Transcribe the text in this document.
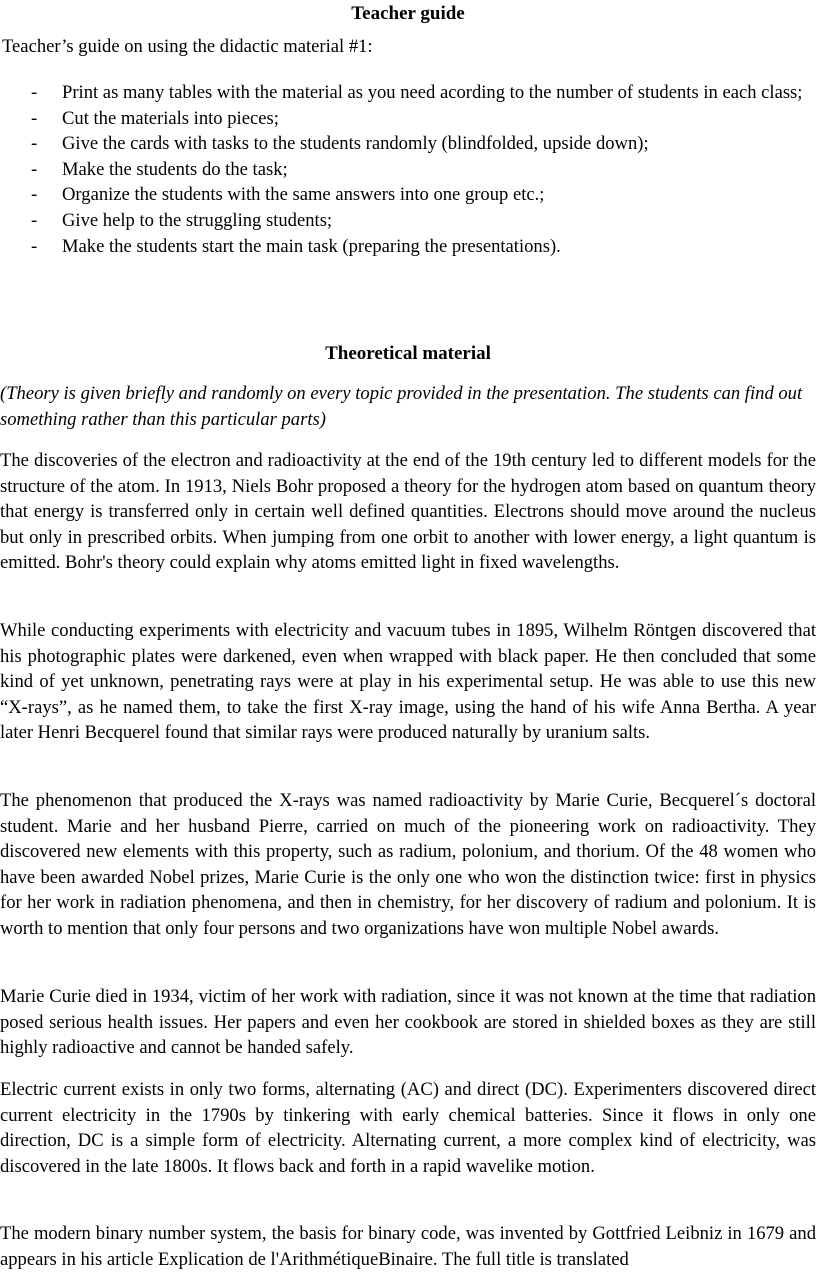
Teacher guide
Teacher’s guide on using the didactic material #1:
- Print as many tables with the material as you need acording to the number of students in each class;
- Cut the materials into pieces;
- Give the cards with tasks to the students randomly (blindfolded, upside down);
- Make the students do the task;
- Organize the students with the same answers into one group etc.;
- Give help to the struggling students;
- Make the students start the main task (preparing the presentations).
Theoretical material

(Theory is given briefly and randomly on every topic provided in the presentation. The students can find out something rather than this particular parts)

The discoveries of the electron and radioactivity at the end of the 19th century led to different models for the structure of the atom. In 1913, Niels Bohr proposed a theory for the hydrogen atom based on quantum theory that energy is transferred only in certain well defined quantities. Electrons should move around the nucleus but only in prescribed orbits. When jumping from one orbit to another with lower energy, a light quantum is emitted. Bohr's theory could explain why atoms emitted light in fixed wavelengths.

While conducting experiments with electricity and vacuum tubes in 1895, Wilhelm Röntgen discovered that his photographic plates were darkened, even when wrapped with black paper. He then concluded that some kind of yet unknown, penetrating rays were at play in his experimental setup. He was able to use this new “X-rays”, as he named them, to take the first X-ray image, using the hand of his wife Anna Bertha. A year later Henri Becquerel found that similar rays were produced naturally by uranium salts.

The phenomenon that produced the X-rays was named radioactivity by Marie Curie, Becquerel´s doctoral student. Marie and her husband Pierre, carried on much of the pioneering work on radioactivity. They discovered new elements with this property, such as radium, polonium, and thorium. Of the 48 women who have been awarded Nobel prizes, Marie Curie is the only one who won the distinction twice: first in physics for her work in radiation phenomena, and then in chemistry, for her discovery of radium and polonium. It is worth to mention that only four persons and two organizations have won multiple Nobel awards.

Marie Curie died in 1934, victim of her work with radiation, since it was not known at the time that radiation posed serious health issues. Her papers and even her cookbook are stored in shielded boxes as they are still highly radioactive and cannot be handed safely.

Electric current exists in only two forms, alternating (AC) and direct (DC). Experimenters discovered direct current electricity in the 1790s by tinkering with early chemical batteries. Since it flows in only one direction, DC is a simple form of electricity. Alternating current, a more complex kind of electricity, was discovered in the late 1800s. It flows back and forth in a rapid wavelike motion.

The modern binary number system, the basis for binary code, was invented by Gottfried Leibniz in 1679 and appears in his article Explication de l'ArithmétiqueBinaire. The full title is translated
